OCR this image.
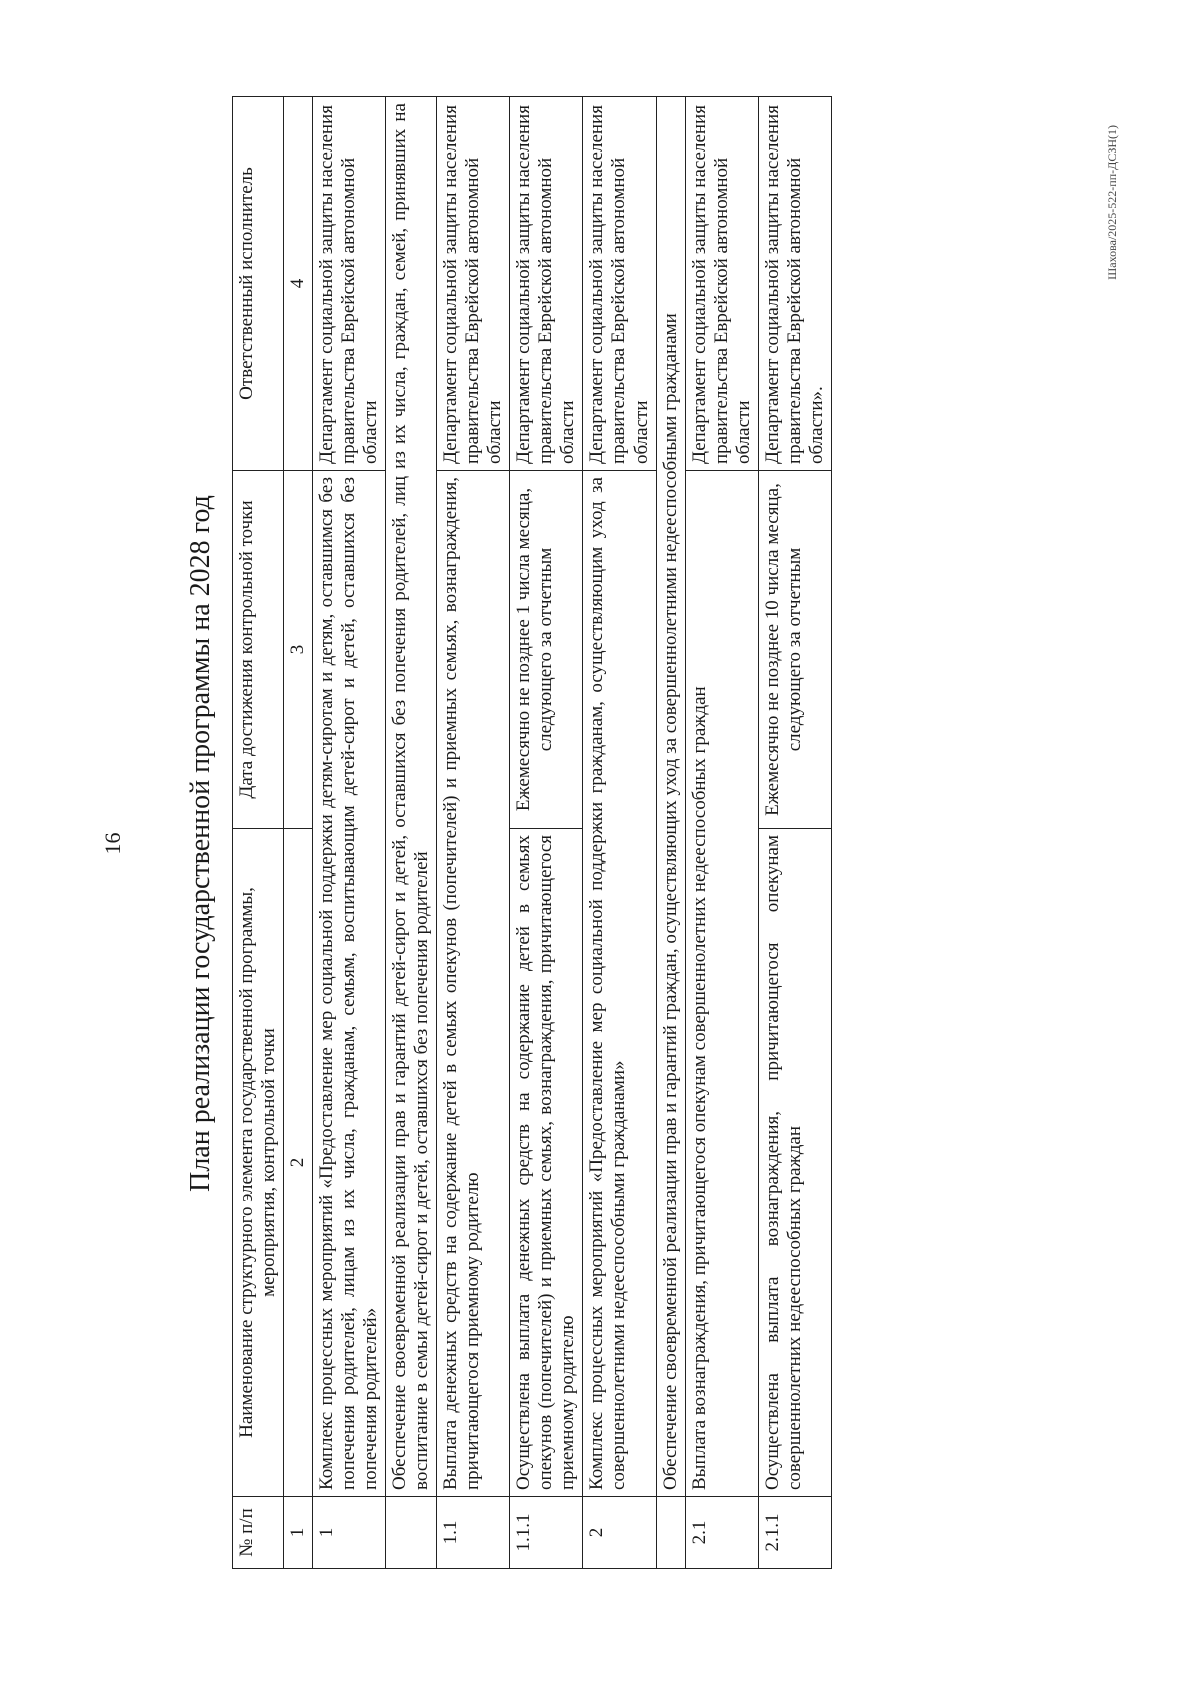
16 План реализации государственной программы на 2028 год
№ п/п	Наименование структурного элемента государственной программы, мероприятия, контрольной точки	Дата достижения контрольной точки	Ответственный исполнитель
1	2	3	4
1	Комплекс процессных мероприятий «Предоставление мер социальной поддержки детям-сиротам и детям, оставшимся без попечения родителей, лицам из их числа, гражданам, семьям, воспитывающим детей-сирот и детей, оставшихся без попечения родителей»		Департамент социальной защиты населения правительства Еврейской автономной области
	Обеспечение своевременной реализации прав и гарантий детей-сирот и детей, оставшихся без попечения родителей, лиц из их числа, граждан, семей, принявших на воспитание в семьи детей-сирот и детей, оставшихся без попечения родителей		
1.1	Выплата денежных средств на содержание детей в семьях опекунов (попечителей) и приемных семьях, вознаграждения, причитающегося приемному родителю		Департамент социальной защиты населения правительства Еврейской автономной области
1.1.1	Осуществлена выплата денежных средств на содержание детей в семьях опекунов (попечителей) и приемных семьях, вознаграждения, причитающегося приемному родителю	Ежемесячно не позднее 1 числа месяца, следующего за отчетным	Департамент социальной защиты населения правительства Еврейской автономной области
2	Комплекс процессных мероприятий «Предоставление мер социальной поддержки гражданам, осуществляющим уход за совершеннолетними недееспособными гражданами»		Департамент социальной защиты населения правительства Еврейской автономной области
	Обеспечение своевременной реализации прав и гарантий граждан, осуществляющих уход за совершеннолетними недееспособными гражданами		
2.1	Выплата вознаграждения, причитающегося опекунам совершеннолетних недееспособных граждан		Департамент социальной защиты населения правительства Еврейской автономной области
2.1.1	Осуществлена выплата вознаграждения, причитающегося опекунам совершеннолетних недееспособных граждан	Ежемесячно не позднее 10 числа месяца, следующего за отчетным	Департамент социальной защиты населения правительства Еврейской автономной области».
Шахова/2025-522-пп-ДСЗН(1)
